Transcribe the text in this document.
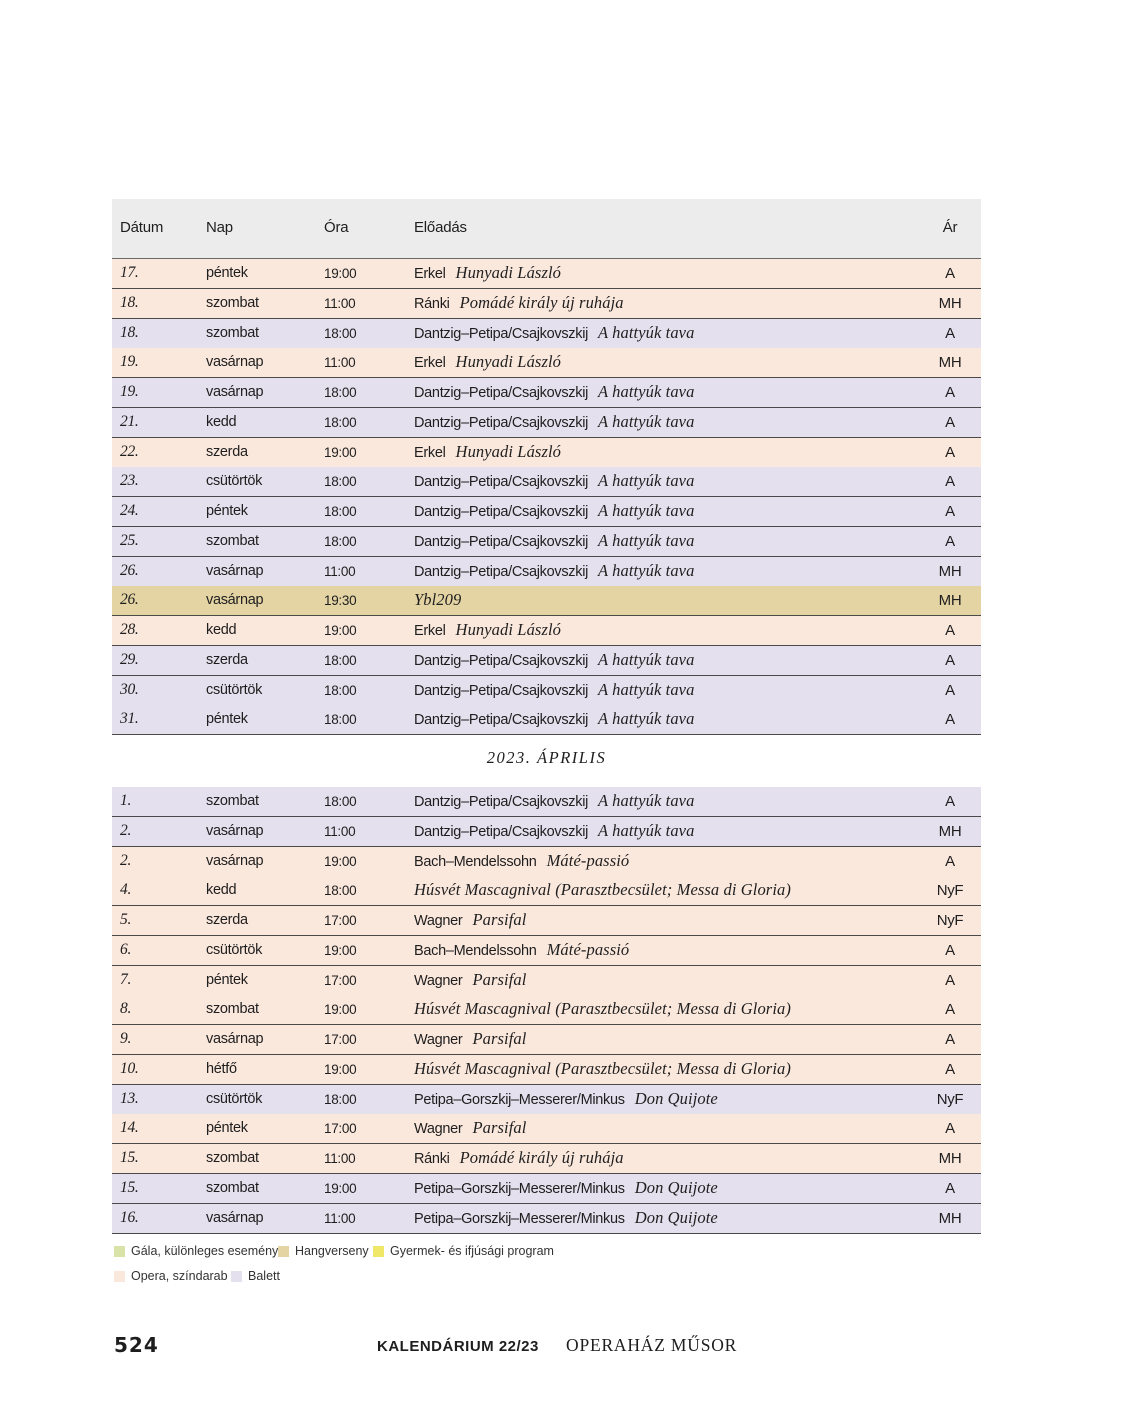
Dátum	Nap	Óra	Előadás	Ár
17.	péntek	19:00	Erkel Hunyadi László	A
18.	szombat	11:00	Ránki Pomádé király új ruhája	MH
18.	szombat	18:00	Dantzig–Petipa/Csajkovszkij A hattyúk tava	A
19.	vasárnap	11:00	Erkel Hunyadi László	MH
19.	vasárnap	18:00	Dantzig–Petipa/Csajkovszkij A hattyúk tava	A
21.	kedd	18:00	Dantzig–Petipa/Csajkovszkij A hattyúk tava	A
22.	szerda	19:00	Erkel Hunyadi László	A
23.	csütörtök	18:00	Dantzig–Petipa/Csajkovszkij A hattyúk tava	A
24.	péntek	18:00	Dantzig–Petipa/Csajkovszkij A hattyúk tava	A
25.	szombat	18:00	Dantzig–Petipa/Csajkovszkij A hattyúk tava	A
26.	vasárnap	11:00	Dantzig–Petipa/Csajkovszkij A hattyúk tava	MH
26.	vasárnap	19:30	Ybl209	MH
28.	kedd	19:00	Erkel Hunyadi László	A
29.	szerda	18:00	Dantzig–Petipa/Csajkovszkij A hattyúk tava	A
30.	csütörtök	18:00	Dantzig–Petipa/Csajkovszkij A hattyúk tava	A
31.	péntek	18:00	Dantzig–Petipa/Csajkovszkij A hattyúk tava	A
2023. ÁPRILIS
1.	szombat	18:00	Dantzig–Petipa/Csajkovszkij A hattyúk tava	A
2.	vasárnap	11:00	Dantzig–Petipa/Csajkovszkij A hattyúk tava	MH
2.	vasárnap	19:00	Bach–Mendelssohn Máté-passió	A
4.	kedd	18:00	Húsvét Mascagnival (Parasztbecsület; Messa di Gloria)	NyF
5.	szerda	17:00	Wagner Parsifal	NyF
6.	csütörtök	19:00	Bach–Mendelssohn Máté-passió	A
7.	péntek	17:00	Wagner Parsifal	A
8.	szombat	19:00	Húsvét Mascagnival (Parasztbecsület; Messa di Gloria)	A
9.	vasárnap	17:00	Wagner Parsifal	A
10.	hétfő	19:00	Húsvét Mascagnival (Parasztbecsület; Messa di Gloria)	A
13.	csütörtök	18:00	Petipa–Gorszkij–Messerer/Minkus Don Quijote	NyF
14.	péntek	17:00	Wagner Parsifal	A
15.	szombat	11:00	Ránki Pomádé király új ruhája	MH
15.	szombat	19:00	Petipa–Gorszkij–Messerer/Minkus Don Quijote	A
16.	vasárnap	11:00	Petipa–Gorszkij–Messerer/Minkus Don Quijote	MH
Gála, különleges esemény Hangverseny Gyermek- és ifjúsági program
Opera, színdarab Balett
524	KALENDÁRIUM 22/23 OPERAHÁZ MŰSOR
